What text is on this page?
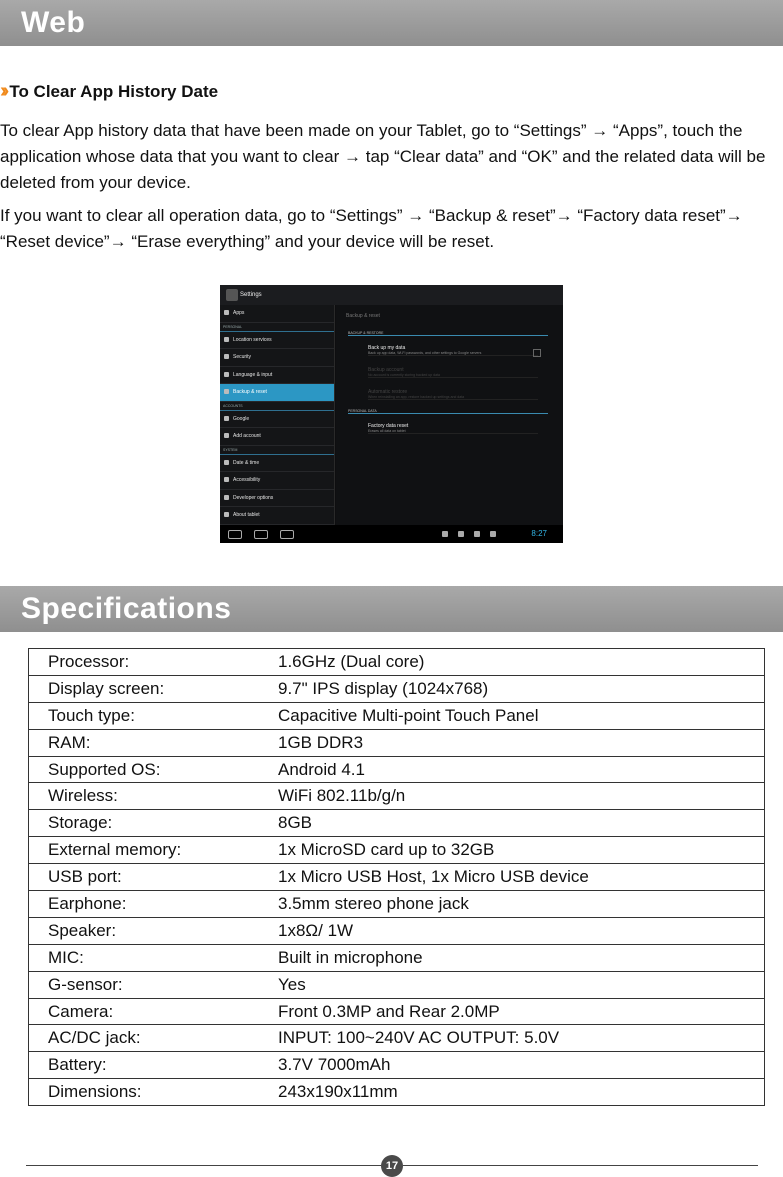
Web
›› To Clear App History Date

To clear App history data that have been made on your Tablet, go to “Settings” → “Apps”, touch the application whose data that you want to clear → tap “Clear data” and “OK” and the related data will be deleted from your device.

If you want to clear all operation data, go to “Settings” → “Backup & reset”→ “Factory data reset”→ “Reset device”→ “Erase everything” and your device will be reset.

Settings
Apps
PERSONAL
Location services
Security
Language & input
Backup & reset
ACCOUNTS
Google
Add account
SYSTEM
Date & time
Accessibility
Developer options
About tablet
Backup & reset
BACKUP & RESTORE
Back up my data
Back up app data, Wi-Fi passwords, and other settings to Google servers
Backup account
No account is currently storing backed up data
Automatic restore
When reinstalling an app, restore backed up settings and data
PERSONAL DATA
Factory data reset
Erases all data on tablet
8:27
Specifications
Processor:	1.6GHz (Dual core)
Display screen:	9.7" IPS display (1024x768)
Touch type:	Capacitive Multi-point Touch Panel
RAM:	1GB DDR3
Supported OS:	Android 4.1
Wireless:	WiFi 802.11b/g/n
Storage:	8GB
External memory:	1x MicroSD card up to 32GB
USB port:	1x Micro USB Host, 1x Micro USB device
Earphone:	3.5mm stereo phone jack
Speaker:	1x8Ω/ 1W
MIC:	Built in microphone
G-sensor:	Yes
Camera:	Front 0.3MP and Rear 2.0MP
AC/DC jack:	INPUT: 100~240V AC OUTPUT: 5.0V
Battery:	3.7V 7000mAh
Dimensions:	243x190x11mm
17
